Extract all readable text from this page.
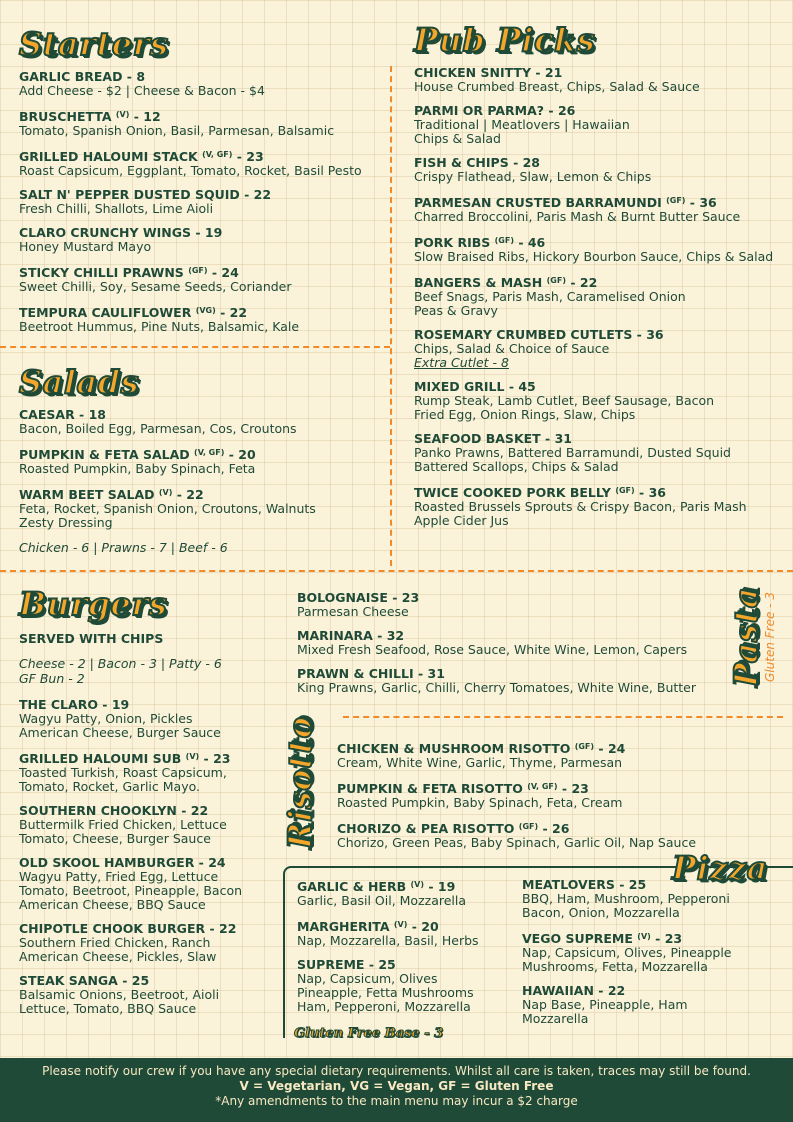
Starters
GARLIC BREAD - 8
Add Cheese - $2 | Cheese & Bacon - $4
BRUSCHETTA $^{(V)}$ - 12
Tomato, Spanish Onion, Basil, Parmesan, Balsamic
GRILLED HALOUMI STACK $^{(V, GF)}$ - 23
Roast Capsicum, Eggplant, Tomato, Rocket, Basil Pesto
SALT N' PEPPER DUSTED SQUID - 22
Fresh Chilli, Shallots, Lime Aioli
CLARO CRUNCHY WINGS - 19
Honey Mustard Mayo
STICKY CHILLI PRAWNS $^{(GF)}$ - 24
Sweet Chilli, Soy, Sesame Seeds, Coriander
TEMPURA CAULIFLOWER $^{(VG)}$ - 22
Beetroot Hummus, Pine Nuts, Balsamic, Kale
Salads
CAESAR - 18
Bacon, Boiled Egg, Parmesan, Cos, Croutons
PUMPKIN & FETA SALAD $^{(V, GF)}$ - 20
Roasted Pumpkin, Baby Spinach, Feta
WARM BEET SALAD $^{(V)}$ - 22
Feta, Rocket, Spanish Onion, Croutons, Walnuts
Zesty Dressing
Chicken - 6 | Prawns - 7 | Beef - 6
Pub Picks
CHICKEN SNITTY - 21
House Crumbed Breast, Chips, Salad & Sauce
PARMI OR PARMA? - 26
Traditional | Meatlovers | Hawaiian
Chips & Salad
FISH & CHIPS - 28
Crispy Flathead, Slaw, Lemon & Chips
PARMESAN CRUSTED BARRAMUNDI $^{(GF)}$ - 36
Charred Broccolini, Paris Mash & Burnt Butter Sauce
PORK RIBS $^{(GF)}$ - 46
Slow Braised Ribs, Hickory Bourbon Sauce, Chips & Salad
BANGERS & MASH $^{(GF)}$ - 22
Beef Snags, Paris Mash, Caramelised Onion
Peas & Gravy
ROSEMARY CRUMBED CUTLETS - 36
Chips, Salad & Choice of Sauce
Extra Cutlet - 8
MIXED GRILL - 45
Rump Steak, Lamb Cutlet, Beef Sausage, Bacon
Fried Egg, Onion Rings, Slaw, Chips
SEAFOOD BASKET - 31
Panko Prawns, Battered Barramundi, Dusted Squid
Battered Scallops, Chips & Salad
TWICE COOKED PORK BELLY $^{(GF)}$ - 36
Roasted Brussels Sprouts & Crispy Bacon, Paris Mash
Apple Cider Jus
Burgers
SERVED WITH CHIPS
Cheese - 2 | Bacon - 3 | Patty - 6
GF Bun - 2
THE CLARO - 19
Wagyu Patty, Onion, Pickles
American Cheese, Burger Sauce
GRILLED HALOUMI SUB $^{(V)}$ - 23
Toasted Turkish, Roast Capsicum,
Tomato, Rocket, Garlic Mayo.
SOUTHERN CHOOKLYN - 22
Buttermilk Fried Chicken, Lettuce
Tomato, Cheese, Burger Sauce
OLD SKOOL HAMBURGER - 24
Wagyu Patty, Fried Egg, Lettuce
Tomato, Beetroot, Pineapple, Bacon
American Cheese, BBQ Sauce
CHIPOTLE CHOOK BURGER - 22
Southern Fried Chicken, Ranch
American Cheese, Pickles, Slaw
STEAK SANGA - 25
Balsamic Onions, Beetroot, Aioli
Lettuce, Tomato, BBQ Sauce
BOLOGNAISE - 23
Parmesan Cheese
MARINARA - 32
Mixed Fresh Seafood, Rose Sauce, White Wine, Lemon, Capers
PRAWN & CHILLI - 31
King Prawns, Garlic, Chilli, Cherry Tomatoes, White Wine, Butter
Pasta
Gluten Free - 3
Risotto CHICKEN & MUSHROOM RISOTTO $^{(GF)}$ - 24
Cream, White Wine, Garlic, Thyme, Parmesan
PUMPKIN & FETA RISOTTO $^{(V, GF)}$ - 23
Roasted Pumpkin, Baby Spinach, Feta, Cream
CHORIZO & PEA RISOTTO $^{(GF)}$ - 26
Chorizo, Green Peas, Baby Spinach, Garlic Oil, Nap Sauce
Pizza
GARLIC & HERB $^{(V)}$ - 19
Garlic, Basil Oil, Mozzarella
MARGHERITA $^{(V)}$ - 20
Nap, Mozzarella, Basil, Herbs
SUPREME - 25
Nap, Capsicum, Olives
Pineapple, Fetta Mushrooms
Ham, Pepperoni, Mozzarella
MEATLOVERS - 25
BBQ, Ham, Mushroom, Pepperoni
Bacon, Onion, Mozzarella
VEGO SUPREME $^{(V)}$ - 23
Nap, Capsicum, Olives, Pineapple
Mushrooms, Fetta, Mozzarella
HAWAIIAN - 22
Nap Base, Pineapple, Ham
Mozzarella
Gluten Free Base - 3
Please notify our crew if you have any special dietary requirements. Whilst all care is taken, traces may still be found.
V = Vegetarian, VG = Vegan, GF = Gluten Free
*Any amendments to the main menu may incur a $2 charge
